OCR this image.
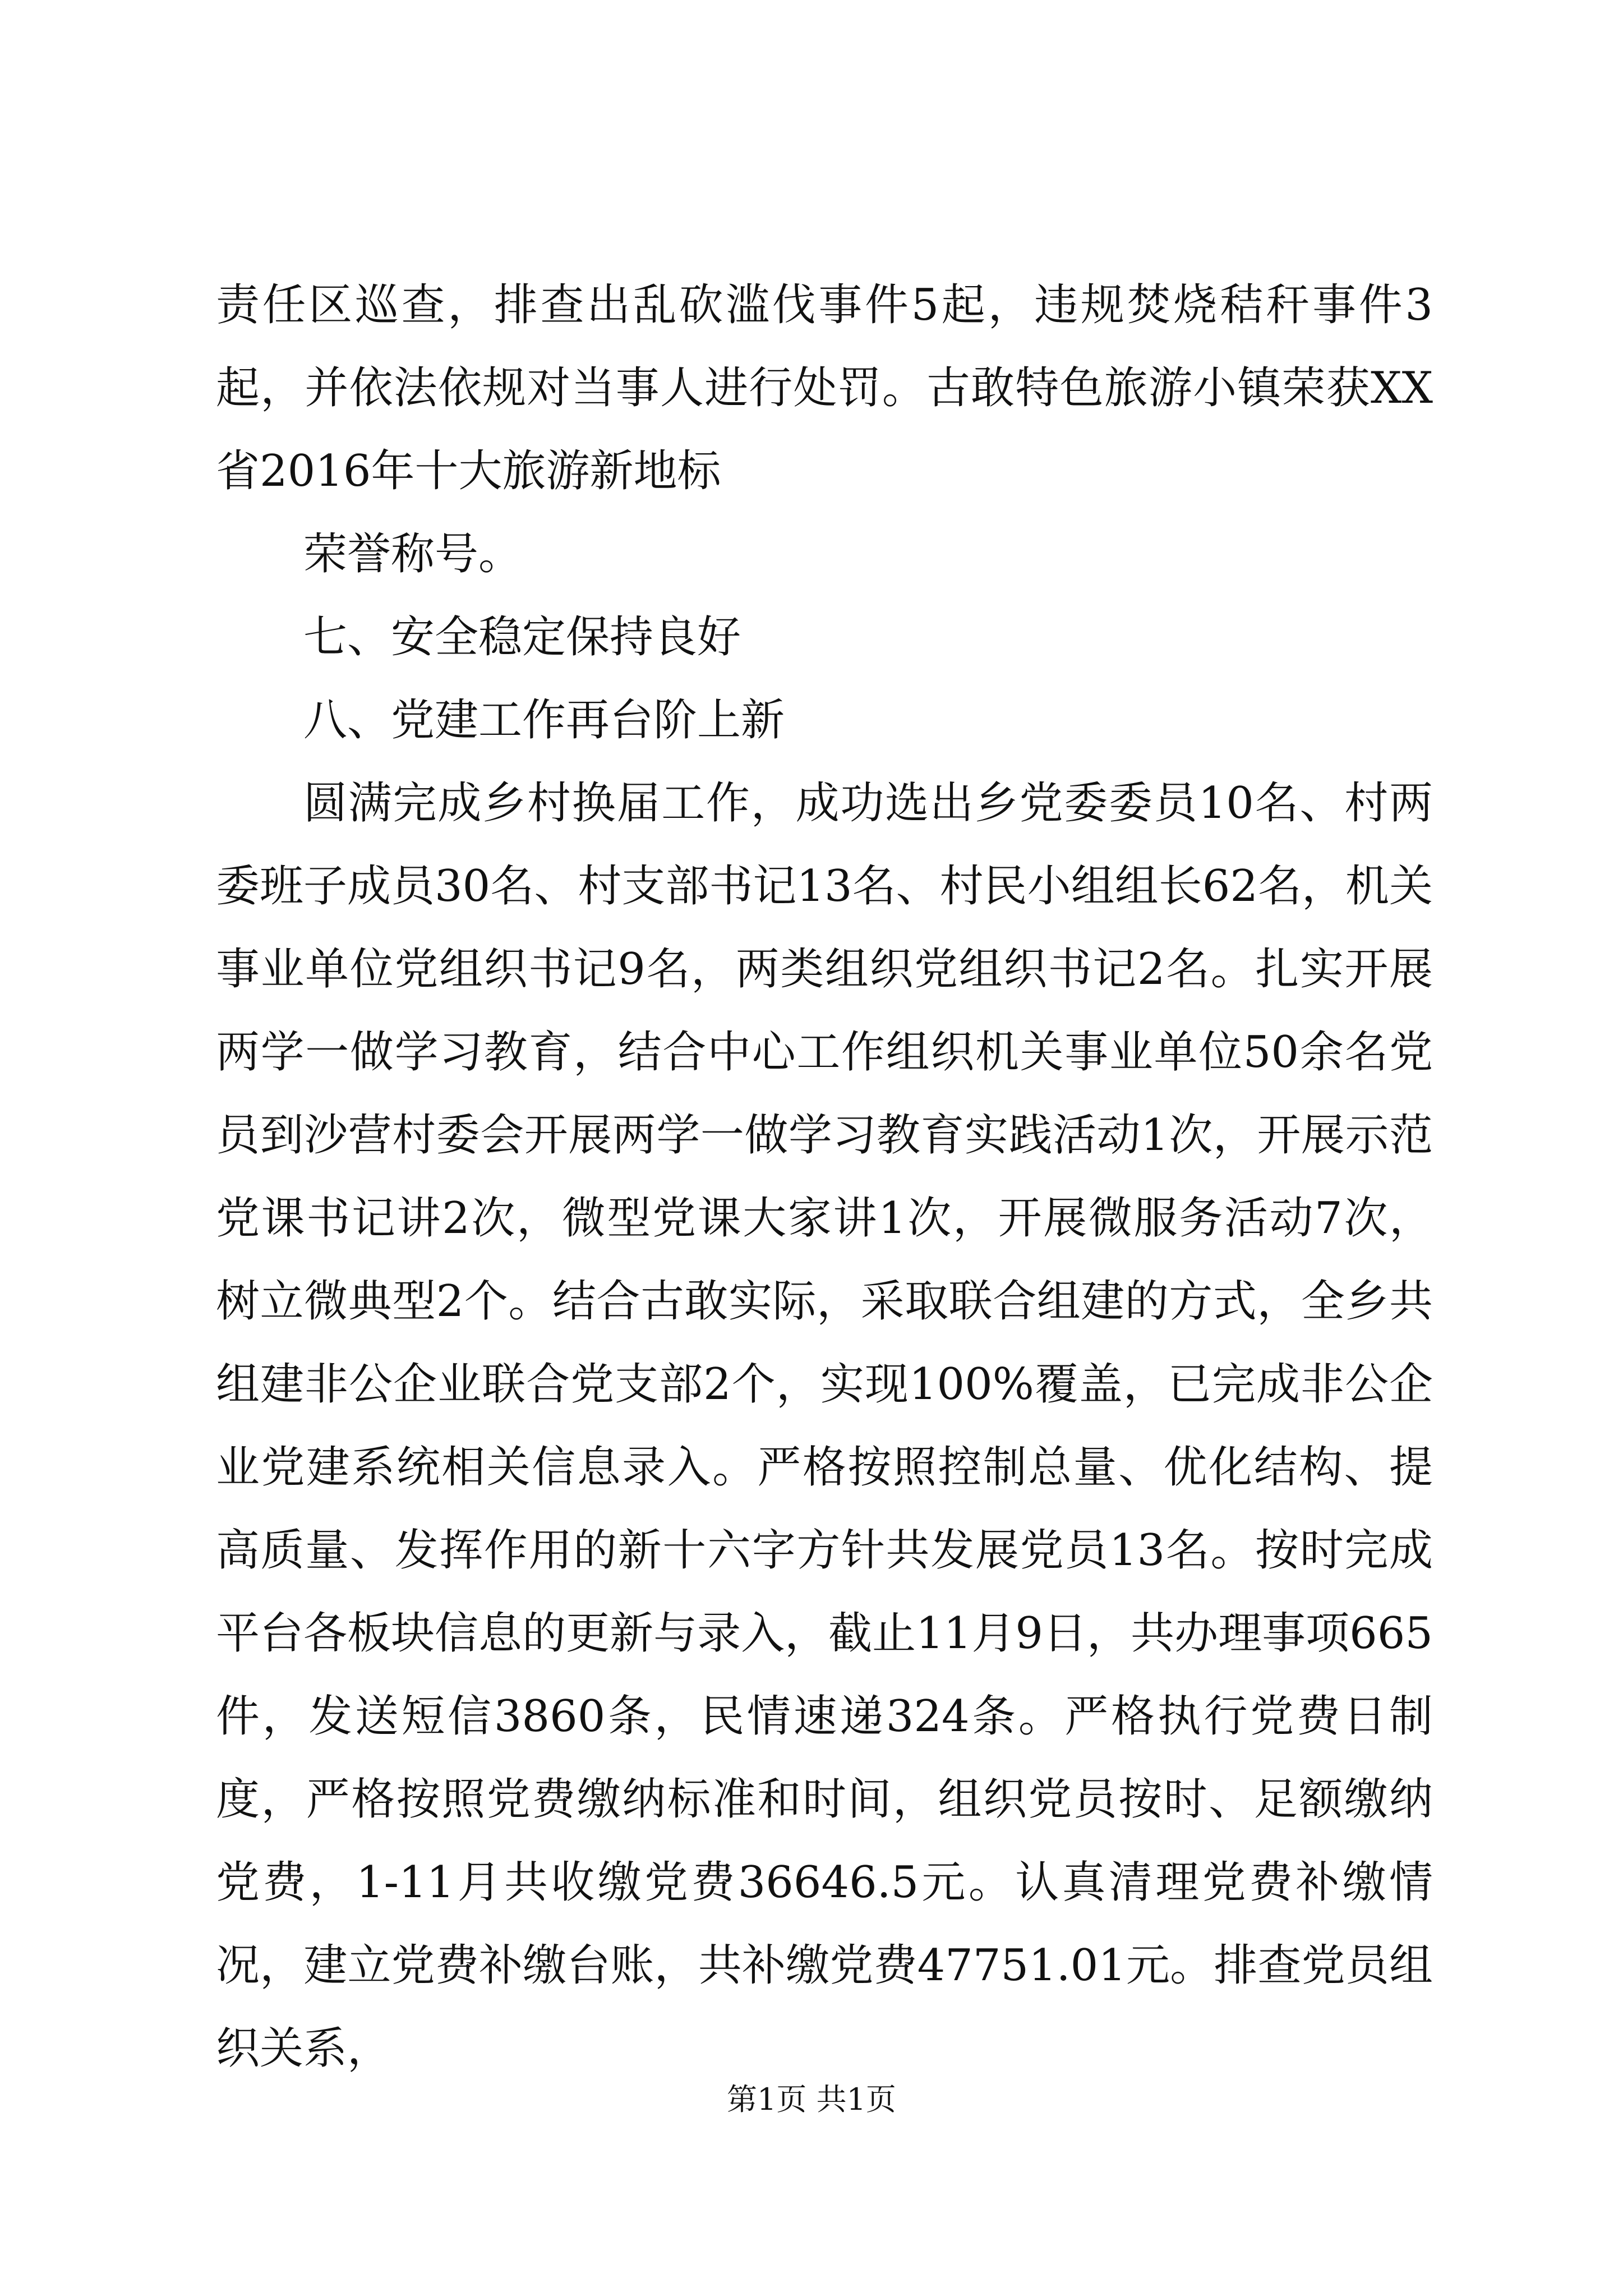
责任区巡查，排查出乱砍滥伐事件5起，违规焚烧秸秆事件3起，并依法依规对当事人进行处罚。古敢特色旅游小镇荣获XX省2016年十大旅游新地标

荣誉称号。

七、安全稳定保持良好

八、党建工作再台阶上新

圆满完成乡村换届工作，成功选出乡党委委员10名、村两委班子成员30名、村支部书记13名、村民小组组长62名，机关事业单位党组织书记9名，两类组织党组织书记2名。扎实开展两学一做学习教育，结合中心工作组织机关事业单位50余名党员到沙营村委会开展两学一做学习教育实践活动1次，开展示范党课书记讲2次，微型党课大家讲1次，开展微服务活动7次，树立微典型2个。结合古敢实际，采取联合组建的方式，全乡共组建非公企业联合党支部2个，实现100%覆盖，已完成非公企业党建系统相关信息录入。严格按照控制总量、优化结构、提高质量、发挥作用的新十六字方针共发展党员13名。按时完成平台各板块信息的更新与录入，截止11月9日，共办理事项665件，发送短信3860条，民情速递324条。严格执行党费日制度，严格按照党费缴纳标准和时间，组织党员按时、足额缴纳党费，1-11月共收缴党费36646.5元。认真清理党费补缴情况，建立党费补缴台账，共补缴党费47751.01元。排查党员组织关系，

第1页 共1页
